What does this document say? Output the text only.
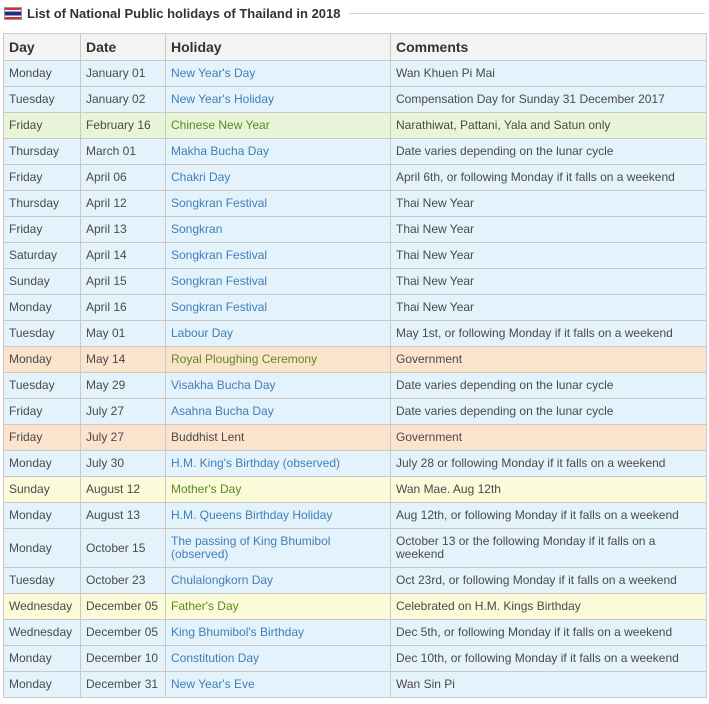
List of National Public holidays of Thailand in 2018
Day	Date	Holiday	Comments
Monday	January 01	New Year's Day	Wan Khuen Pi Mai
Tuesday	January 02	New Year's Holiday	Compensation Day for Sunday 31 December 2017
Friday	February 16	Chinese New Year	Narathiwat, Pattani, Yala and Satun only
Thursday	March 01	Makha Bucha Day	Date varies depending on the lunar cycle
Friday	April 06	Chakri Day	April 6th, or following Monday if it falls on a weekend
Thursday	April 12	Songkran Festival	Thai New Year
Friday	April 13	Songkran	Thai New Year
Saturday	April 14	Songkran Festival	Thai New Year
Sunday	April 15	Songkran Festival	Thai New Year
Monday	April 16	Songkran Festival	Thai New Year
Tuesday	May 01	Labour Day	May 1st, or following Monday if it falls on a weekend
Monday	May 14	Royal Ploughing Ceremony	Government
Tuesday	May 29	Visakha Bucha Day	Date varies depending on the lunar cycle
Friday	July 27	Asahna Bucha Day	Date varies depending on the lunar cycle
Friday	July 27	Buddhist Lent	Government
Monday	July 30	H.M. King's Birthday (observed)	July 28 or following Monday if it falls on a weekend
Sunday	August 12	Mother's Day	Wan Mae. Aug 12th
Monday	August 13	H.M. Queens Birthday Holiday	Aug 12th, or following Monday if it falls on a weekend
Monday	October 15	The passing of King Bhumibol (observed)	October 13 or the following Monday if it falls on a weekend
Tuesday	October 23	Chulalongkorn Day	Oct 23rd, or following Monday if it falls on a weekend
Wednesday	December 05	Father's Day	Celebrated on H.M. Kings Birthday
Wednesday	December 05	King Bhumibol's Birthday	Dec 5th, or following Monday if it falls on a weekend
Monday	December 10	Constitution Day	Dec 10th, or following Monday if it falls on a weekend
Monday	December 31	New Year's Eve	Wan Sin Pi
